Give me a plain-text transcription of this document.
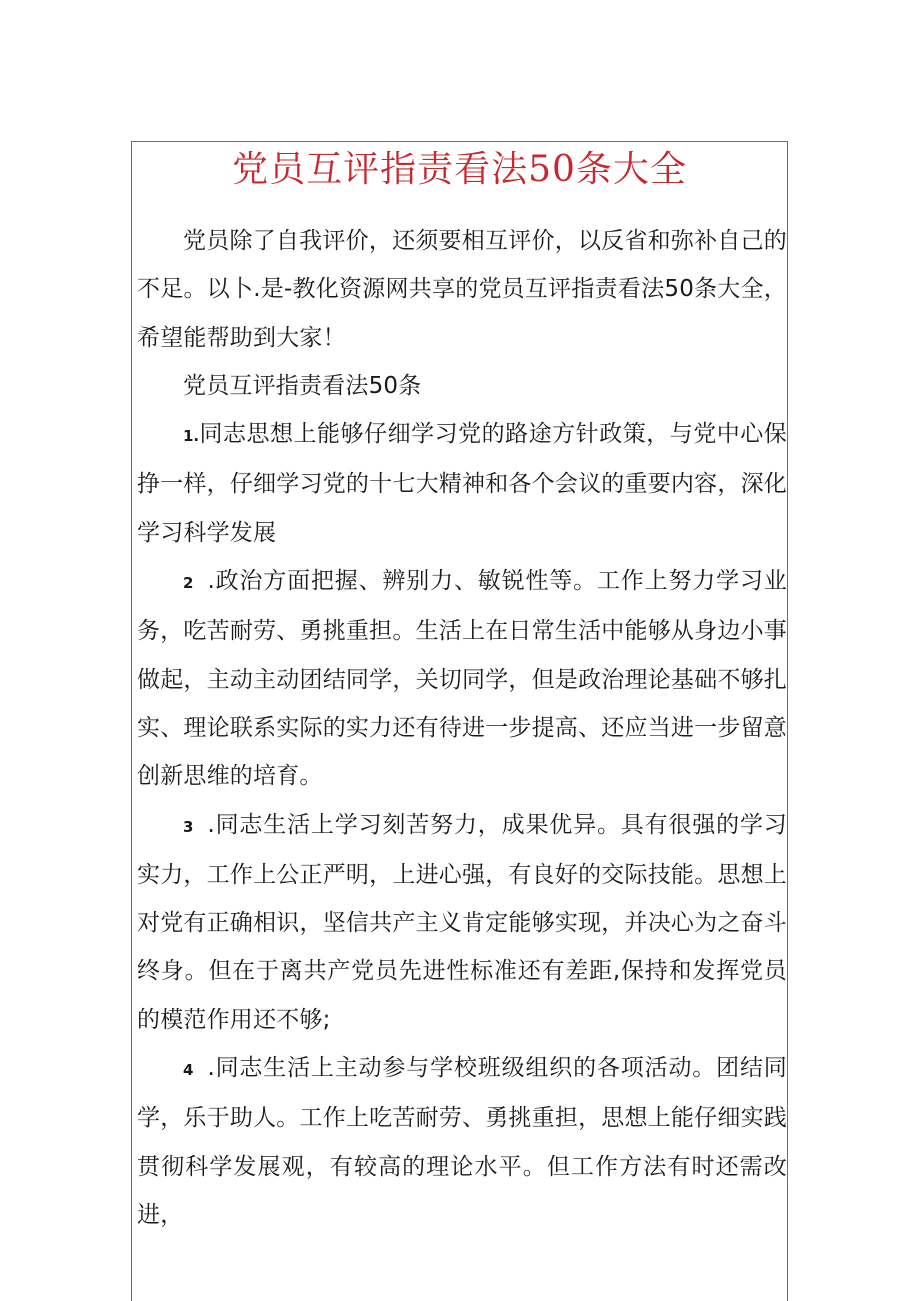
党员互评指责看法50条大全

党员除了自我评价，还须要相互评价，以反省和弥补自己的不足。以卜.是-教化资源网共享的党员互评指责看法50条大全，希望能帮助到大家！

党员互评指责看法50条

1.同志思想上能够仔细学习党的路途方针政策，与党中心保挣一样，仔细学习党的十七大精神和各个会议的重要内容，深化学习科学发展

2 .政治方面把握、辨别力、敏锐性等。工作上努力学习业务，吃苦耐劳、勇挑重担。生活上在日常生活中能够从身边小事做起，主动主动团结同学，关切同学，但是政治理论基础不够扎实、理论联系实际的实力还有待进一步提高、还应当进一步留意创新思维的培育。

3 .同志生活上学习刻苦努力，成果优异。具有很强的学习实力，工作上公正严明，上进心强，有良好的交际技能。思想上对党有正确相识，坚信共产主义肯定能够实现，并决心为之奋斗终身。但在于离共产党员先进性标准还有差距,保持和发挥党员的模范作用还不够;

4 .同志生活上主动参与学校班级组织的各项活动。团结同学，乐于助人。工作上吃苦耐劳、勇挑重担，思想上能仔细实践贯彻科学发展观，有较高的理论水平。但工作方法有时还需改进，
